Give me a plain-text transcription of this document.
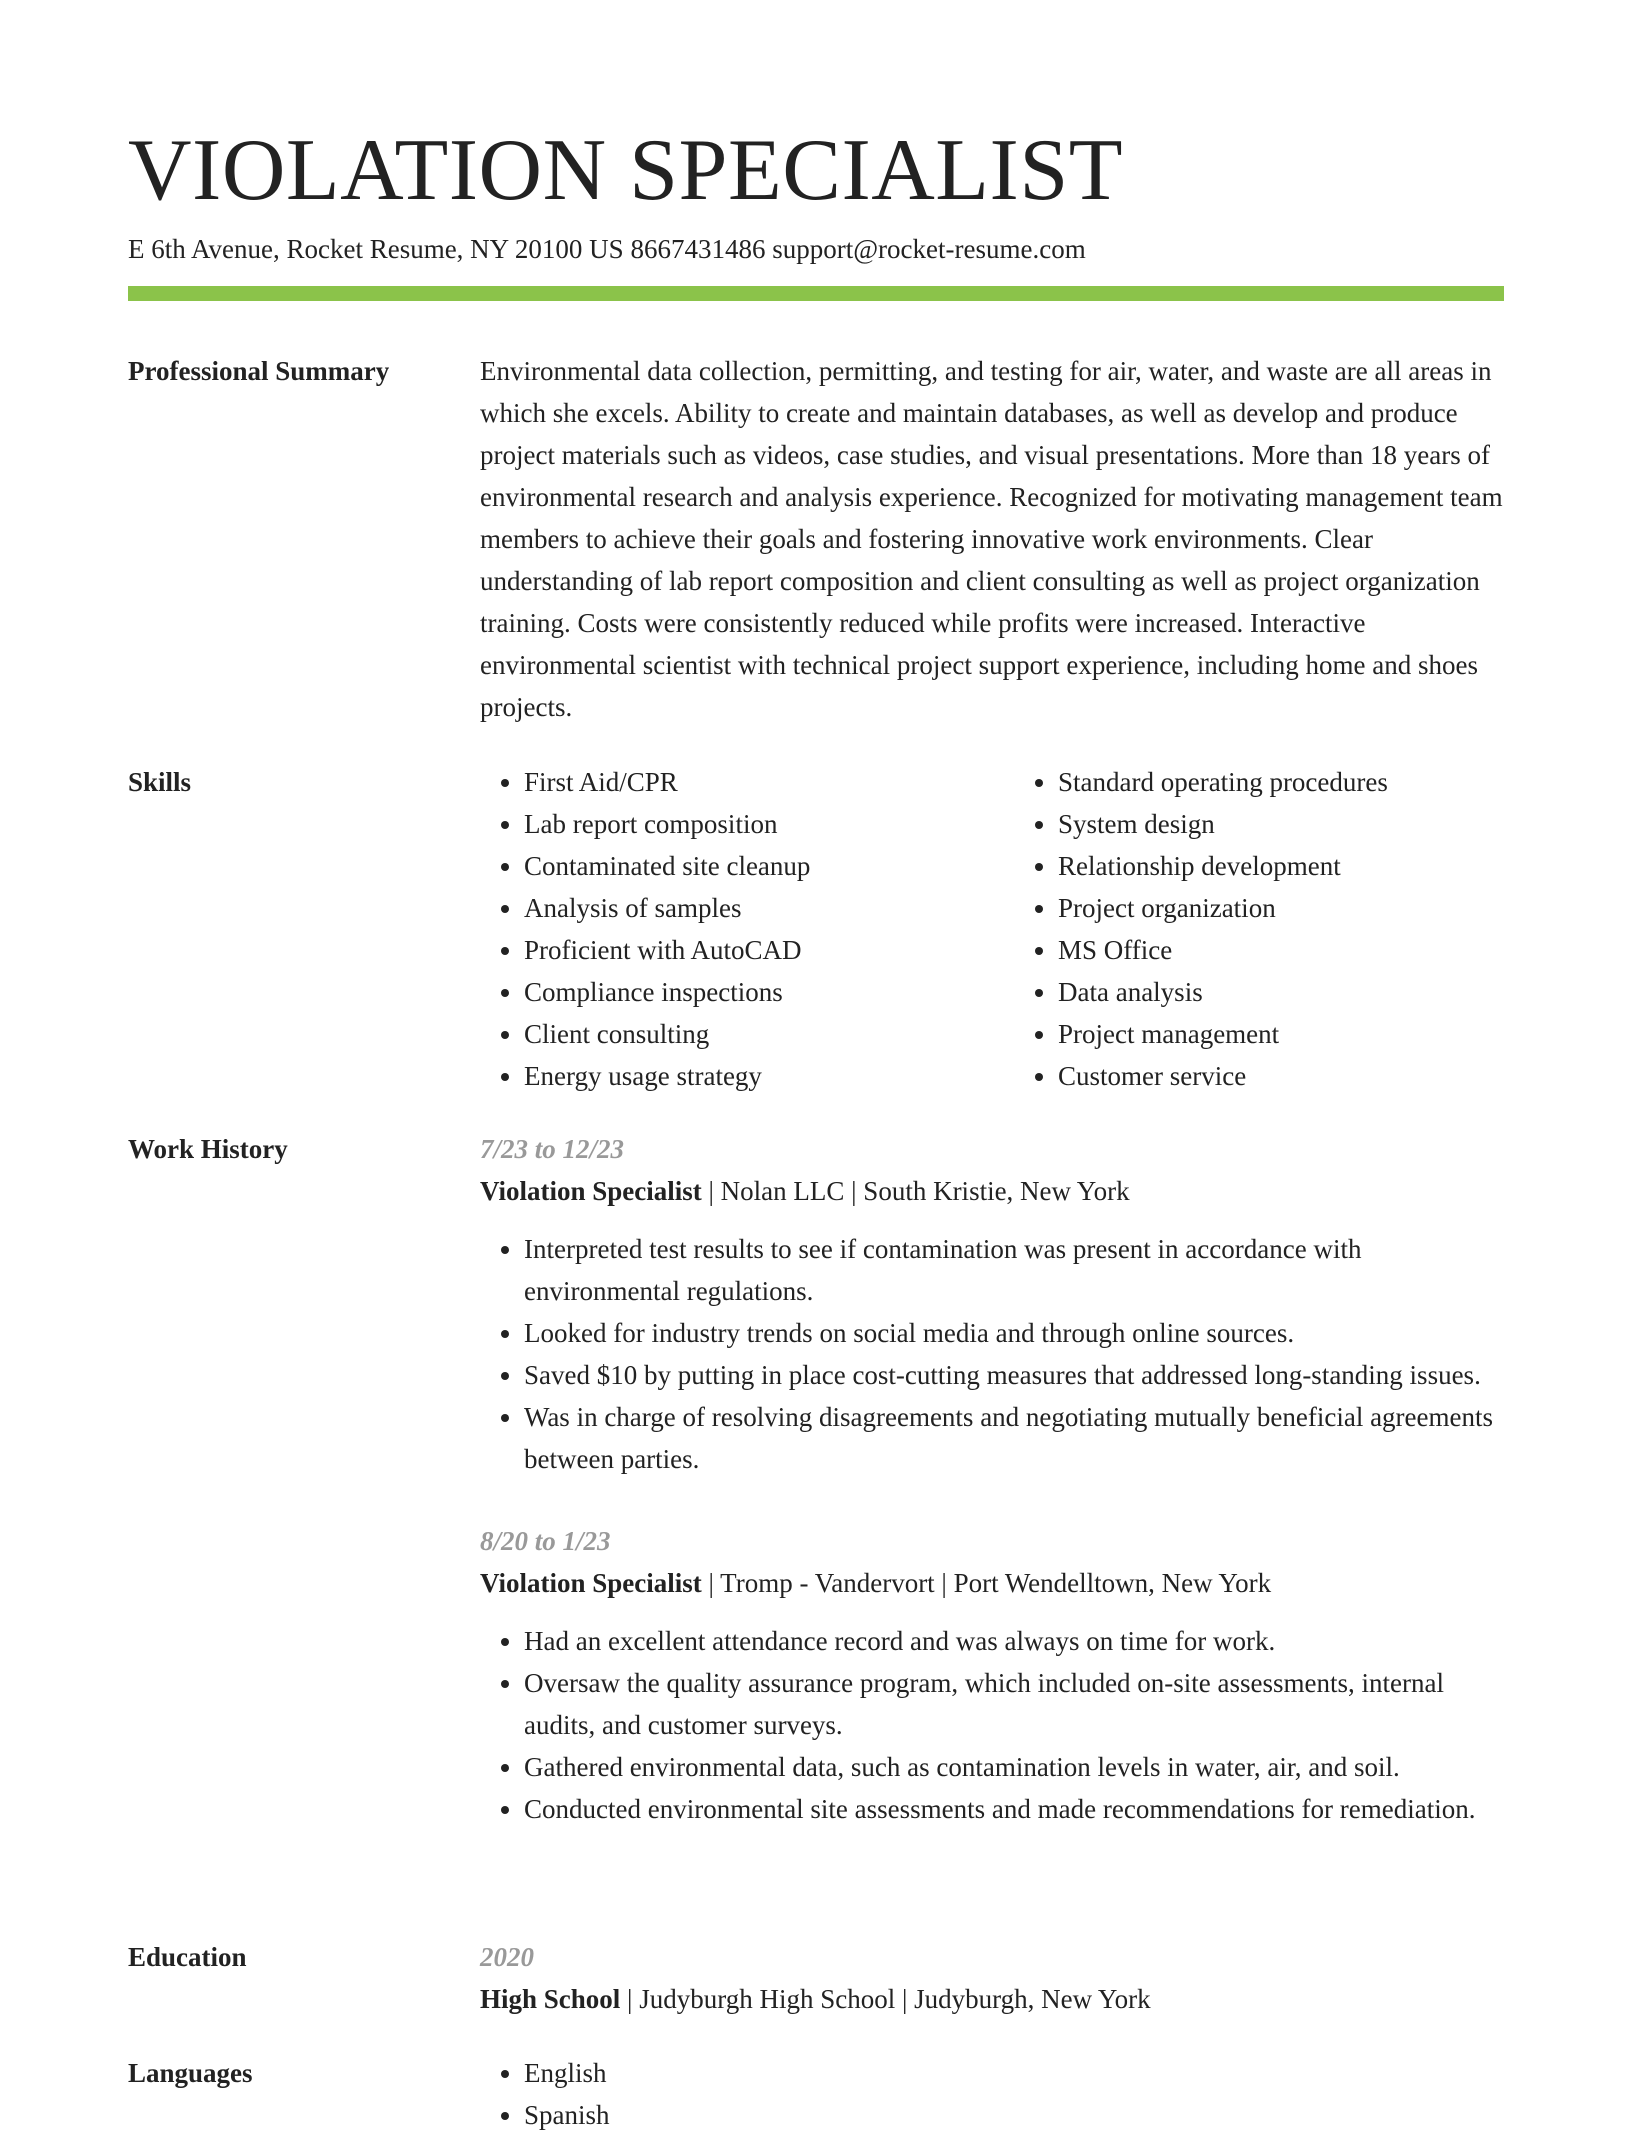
VIOLATION SPECIALIST
E 6th Avenue, Rocket Resume, NY 20100 US 8667431486 support@rocket-resume.com
Professional Summary	Environmental data collection, permitting, and testing for air, water, and waste are all areas in which she excels. Ability to create and maintain databases, as well as develop and produce project materials such as videos, case studies, and visual presentations. More than 18 years of environmental research and analysis experience. Recognized for motivating management team members to achieve their goals and fostering innovative work environments. Clear understanding of lab report composition and client consulting as well as project organization training. Costs were consistently reduced while profits were increased. Interactive environmental scientist with technical project support experience, including home and shoes projects.

Skills	• First Aid/CPR
• Lab report composition
• Contaminated site cleanup
• Analysis of samples
• Proficient with AutoCAD
• Compliance inspections
• Client consulting
• Energy usage strategy
• Standard operating procedures
• System design
• Relationship development
• Project organization
• MS Office
• Data analysis
• Project management
• Customer service
Work History	7/23 to 12/23
Violation Specialist | Nolan LLC | South Kristie, New York
• Interpreted test results to see if contamination was present in accordance with environmental regulations.
• Looked for industry trends on social media and through online sources.
• Saved $10 by putting in place cost-cutting measures that addressed long-standing issues.
• Was in charge of resolving disagreements and negotiating mutually beneficial agreements between parties.
8/20 to 1/23
Violation Specialist | Tromp - Vandervort | Port Wendelltown, New York
• Had an excellent attendance record and was always on time for work.
• Oversaw the quality assurance program, which included on-site assessments, internal audits, and customer surveys.
• Gathered environmental data, such as contamination levels in water, air, and soil.
• Conducted environmental site assessments and made recommendations for remediation.
Education	2020
High School | Judyburgh High School | Judyburgh, New York
Languages	• English
• Spanish
